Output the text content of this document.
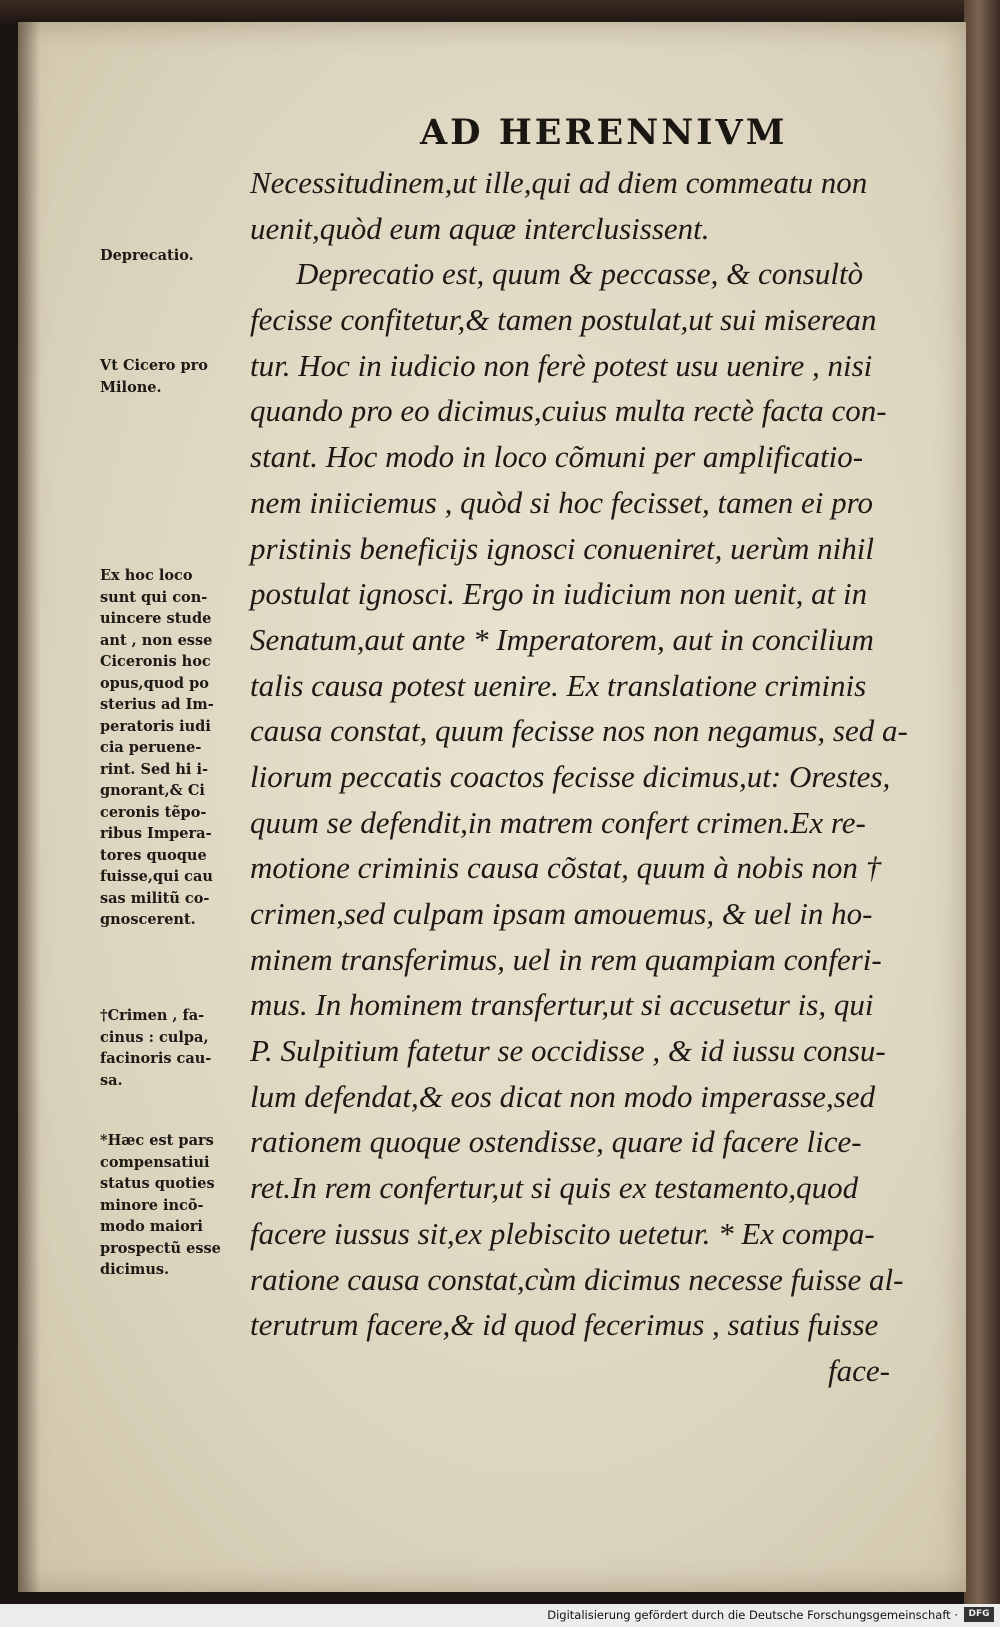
AD HERENNIVM
Necessitudinem,ut ille,qui ad diem commeatu non
uenit,quòd eum aquæ interclusissent.
Deprecatio est, quum & peccasse, & consultò
fecisse confitetur,& tamen postulat,ut sui miserean
tur. Hoc in iudicio non ferè potest usu uenire , nisi
quando pro eo dicimus,cuius multa rectè facta con-
stant. Hoc modo in loco cõmuni per amplificatio-
nem iniiciemus , quòd si hoc fecisset, tamen ei pro
pristinis beneficijs ignosci conueniret, uerùm nihil
postulat ignosci. Ergo in iudicium non uenit, at in
Senatum,aut ante * Imperatorem, aut in concilium
talis causa potest uenire. Ex translatione criminis
causa constat, quum fecisse nos non negamus, sed a-
liorum peccatis coactos fecisse dicimus,ut: Orestes,
quum se defendit,in matrem confert crimen.Ex re-
motione criminis causa cõstat, quum à nobis non †
crimen,sed culpam ipsam amouemus, & uel in ho-
minem transferimus, uel in rem quampiam conferi-
mus. In hominem transfertur,ut si accusetur is, qui
P. Sulpitium fatetur se occidisse , & id iussu consu-
lum defendat,& eos dicat non modo imperasse,sed
rationem quoque ostendisse, quare id facere lice-
ret.In rem confertur,ut si quis ex testamento,quod
facere iussus sit,ex plebiscito uetetur. * Ex compa-
ratione causa constat,cùm dicimus necesse fuisse al-
terutrum facere,& id quod fecerimus , satius fuisse
face-
Deprecatio.
Vt Cicero pro
Milone.
Ex hoc loco
sunt qui con-
uincere stude
ant , non esse
Ciceronis hoc
opus,quod po
sterius ad Im-
peratoris iudi
cia peruene-
rint. Sed hi i-
gnorant,& Ci
ceronis tẽpo-
ribus Impera-
tores quoque
fuisse,qui cau
sas militũ co-
gnoscerent.
†Crimen , fa-
cinus : culpa,
facinoris cau-
sa.
*Hæc est pars
compensatiui
status quoties
minore incõ-
modo maiori
prospectũ esse
dicimus.
Digitalisierung gefördert durch die Deutsche Forschungsgemeinschaft ·	DFG
